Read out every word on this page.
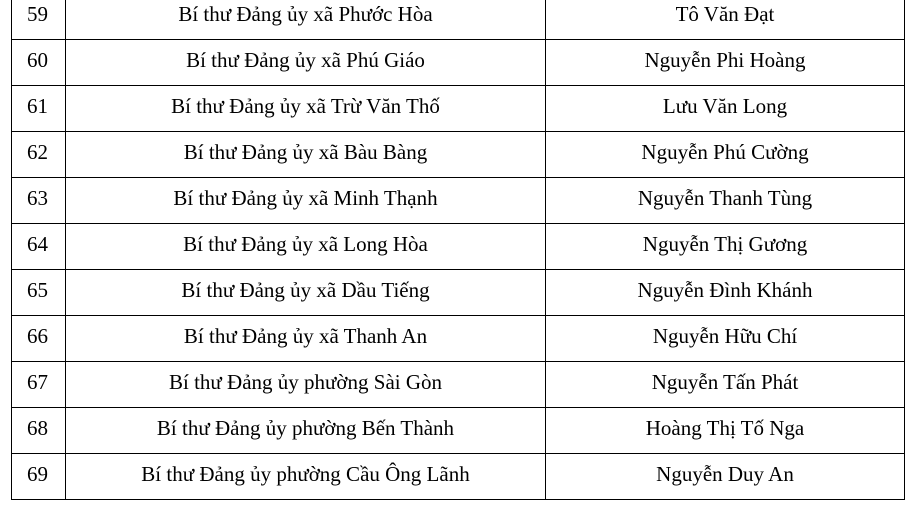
59	Bí thư Đảng ủy xã Phước Hòa	Tô Văn Đạt
60	Bí thư Đảng ủy xã Phú Giáo	Nguyễn Phi Hoàng
61	Bí thư Đảng ủy xã Trừ Văn Thố	Lưu Văn Long
62	Bí thư Đảng ủy xã Bàu Bàng	Nguyễn Phú Cường
63	Bí thư Đảng ủy xã Minh Thạnh	Nguyễn Thanh Tùng
64	Bí thư Đảng ủy xã Long Hòa	Nguyễn Thị Gương
65	Bí thư Đảng ủy xã Dầu Tiếng	Nguyễn Đình Khánh
66	Bí thư Đảng ủy xã Thanh An	Nguyễn Hữu Chí
67	Bí thư Đảng ủy phường Sài Gòn	Nguyễn Tấn Phát
68	Bí thư Đảng ủy phường Bến Thành	Hoàng Thị Tố Nga
69	Bí thư Đảng ủy phường Cầu Ông Lãnh	Nguyễn Duy An
